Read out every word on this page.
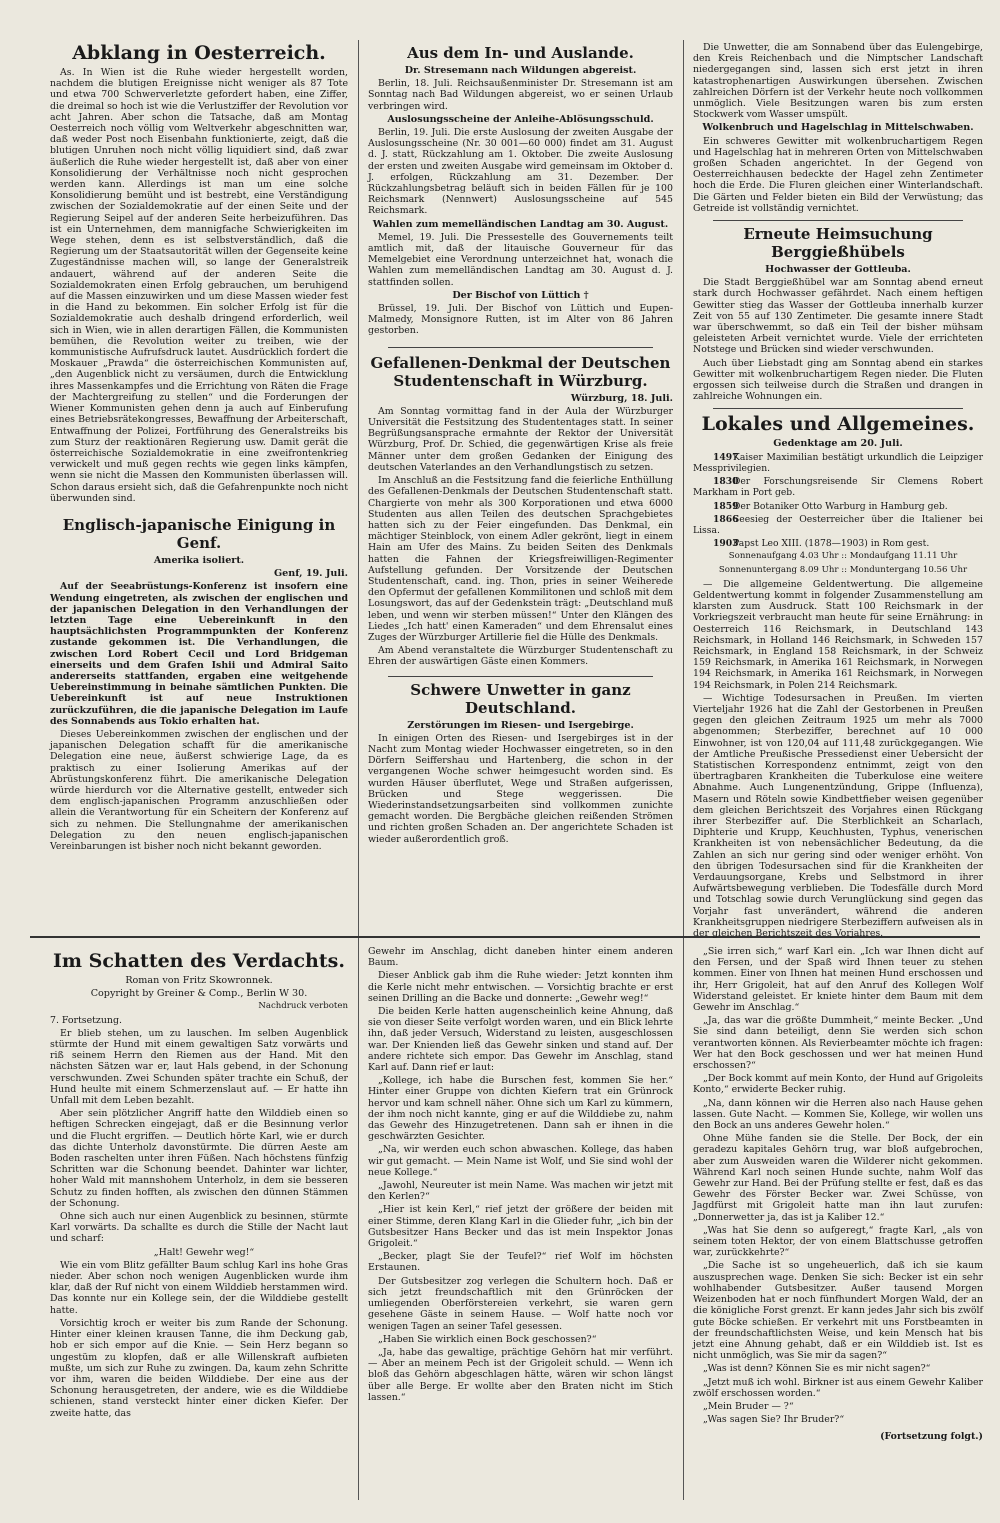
Abklang in Oesterreich.

As. In Wien ist die Ruhe wieder hergestellt worden, nachdem die blutigen Ereignisse nicht weniger als 87 Tote und etwa 700 Schwerverletzte gefordert haben, eine Ziffer, die dreimal so hoch ist wie die Verlustziffer der Revolution vor acht Jahren. Aber schon die Tatsache, daß am Montag Oesterreich noch völlig vom Weltverkehr abgeschnitten war, daß weder Post noch Eisenbahn funktionierte, zeigt, daß die blutigen Unruhen noch nicht völlig liquidiert sind, daß zwar äußerlich die Ruhe wieder hergestellt ist, daß aber von einer Konsolidierung der Verhältnisse noch nicht gesprochen werden kann. Allerdings ist man um eine solche Konsolidierung bemüht und ist bestrebt, eine Verständigung zwischen der Sozialdemokratie auf der einen Seite und der Regierung Seipel auf der anderen Seite herbeizuführen. Das ist ein Unternehmen, dem mannigfache Schwierigkeiten im Wege stehen, denn es ist selbstverständlich, daß die Regierung um der Staatsautorität willen der Gegenseite keine Zugeständnisse machen will, so lange der Generalstreik andauert, während auf der anderen Seite die Sozialdemokraten einen Erfolg gebrauchen, um beruhigend auf die Massen einzuwirken und um diese Massen wieder fest in die Hand zu bekommen. Ein solcher Erfolg ist für die Sozialdemokratie auch deshalb dringend erforderlich, weil sich in Wien, wie in allen derartigen Fällen, die Kommunisten bemühen, die Revolution weiter zu treiben, wie der kommunistische Aufrufsdruck lautet. Ausdrücklich fordert die Moskauer „Prawda“ die österreichischen Kommunisten auf, „den Augenblick nicht zu versäumen, durch die Entwicklung ihres Massenkampfes und die Errichtung von Räten die Frage der Machtergreifung zu stellen“ und die Forderungen der Wiener Kommunisten gehen denn ja auch auf Einberufung eines Betriebsrätekongresses, Bewaffnung der Arbeiterschaft, Entwaffnung der Polizei, Fortführung des Generalstreiks bis zum Sturz der reaktionären Regierung usw. Damit gerät die österreichische Sozialdemokratie in eine zweifrontenkrieg verwickelt und muß gegen rechts wie gegen links kämpfen, wenn sie nicht die Massen den Kommunisten überlassen will. Schon daraus ersieht sich, daß die Gefahrenpunkte noch nicht überwunden sind.

Englisch-japanische Einigung in Genf.
Amerika isoliert.
Genf, 19. Juli.

Auf der Seeabrüstungs-Konferenz ist insofern eine Wendung eingetreten, als zwischen der englischen und der japanischen Delegation in den Verhandlungen der letzten Tage eine Uebereinkunft in den hauptsächlichsten Programmpunkten der Konferenz zustande gekommen ist. Die Verhandlungen, die zwischen Lord Robert Cecil und Lord Bridgeman einerseits und dem Grafen Ishii und Admiral Saito andererseits stattfanden, ergaben eine weitgehende Uebereinstimmung in beinahe sämtlichen Punkten. Die Uebereinkunft ist auf neue Instruktionen zurückzuführen, die die japanische Delegation im Laufe des Sonnabends aus Tokio erhalten hat.

Dieses Uebereinkommen zwischen der englischen und der japanischen Delegation schafft für die amerikanische Delegation eine neue, äußerst schwierige Lage, da es praktisch zu einer Isolierung Amerikas auf der Abrüstungskonferenz führt. Die amerikanische Delegation würde hierdurch vor die Alternative gestellt, entweder sich dem englisch-japanischen Programm anzuschließen oder allein die Verantwortung für ein Scheitern der Konferenz auf sich zu nehmen. Die Stellungnahme der amerikanischen Delegation zu den neuen englisch-japanischen Vereinbarungen ist bisher noch nicht bekannt geworden.

Aus dem In- und Auslande.
Dr. Stresemann nach Wildungen abgereist.

Berlin, 18. Juli. Reichsaußenminister Dr. Stresemann ist am Sonntag nach Bad Wildungen abgereist, wo er seinen Urlaub verbringen wird.

Auslosungsscheine der Anleihe-Ablösungsschuld.

Berlin, 19. Juli. Die erste Auslosung der zweiten Ausgabe der Auslosungsscheine (Nr. 30 001—60 000) findet am 31. August d. J. statt, Rückzahlung am 1. Oktober. Die zweite Auslosung der ersten und zweiten Ausgabe wird gemeinsam im Oktober d. J. erfolgen, Rückzahlung am 31. Dezember. Der Rückzahlungsbetrag beläuft sich in beiden Fällen für je 100 Reichsmark (Nennwert) Auslosungsscheine auf 545 Reichsmark.

Wahlen zum memelländischen Landtag am 30. August.

Memel, 19. Juli. Die Pressestelle des Gouvernements teilt amtlich mit, daß der litauische Gouverneur für das Memelgebiet eine Verordnung unterzeichnet hat, wonach die Wahlen zum memelländischen Landtag am 30. August d. J. stattfinden sollen.

Der Bischof von Lüttich †

Brüssel, 19. Juli. Der Bischof von Lüttich und Eupen-Malmedy, Monsignore Rutten, ist im Alter von 86 Jahren gestorben.

Gefallenen-Denkmal der Deutschen Studentenschaft in Würzburg.
Würzburg, 18. Juli.

Am Sonntag vormittag fand in der Aula der Würzburger Universität die Festsitzung des Studententages statt. In seiner Begrüßungsansprache ermahnte der Rektor der Universität Würzburg, Prof. Dr. Schied, die gegenwärtigen Krise als freie Männer unter dem großen Gedanken der Einigung des deutschen Vaterlandes an den Verhandlungstisch zu setzen.

Im Anschluß an die Festsitzung fand die feierliche Enthüllung des Gefallenen-Denkmals der Deutschen Studentenschaft statt. Chargierte von mehr als 300 Korporationen und etwa 6000 Studenten aus allen Teilen des deutschen Sprachgebietes hatten sich zu der Feier eingefunden. Das Denkmal, ein mächtiger Steinblock, von einem Adler gekrönt, liegt in einem Hain am Ufer des Mains. Zu beiden Seiten des Denkmals hatten die Fahnen der Kriegsfreiwilligen-Regimenter Aufstellung gefunden. Der Vorsitzende der Deutschen Studentenschaft, cand. ing. Thon, pries in seiner Weiherede den Opfermut der gefallenen Kommilitonen und schloß mit dem Losungswort, das auf der Gedenkstein trägt: „Deutschland muß leben, und wenn wir sterben müssen!“ Unter den Klängen des Liedes „Ich hatt' einen Kameraden“ und dem Ehrensalut eines Zuges der Würzburger Artillerie fiel die Hülle des Denkmals.

Am Abend veranstaltete die Würzburger Studentenschaft zu Ehren der auswärtigen Gäste einen Kommers.

Schwere Unwetter in ganz Deutschland.
Zerstörungen im Riesen- und Isergebirge.

In einigen Orten des Riesen- und Isergebirges ist in der Nacht zum Montag wieder Hochwasser eingetreten, so in den Dörfern Seiffershau und Hartenberg, die schon in der vergangenen Woche schwer heimgesucht worden sind. Es wurden Häuser überflutet, Wege und Straßen aufgerissen, Brücken und Stege weggerissen. Die Wiederinstandsetzungsarbeiten sind vollkommen zunichte gemacht worden. Die Bergbäche gleichen reißenden Strömen und richten großen Schaden an. Der angerichtete Schaden ist wieder außerordentlich groß.

Die Unwetter, die am Sonnabend über das Eulengebirge, den Kreis Reichenbach und die Nimptscher Landschaft niedergegangen sind, lassen sich erst jetzt in ihren katastrophenartigen Auswirkungen übersehen. Zwischen zahlreichen Dörfern ist der Verkehr heute noch vollkommen unmöglich. Viele Besitzungen waren bis zum ersten Stockwerk vom Wasser umspült.

Wolkenbruch und Hagelschlag in Mittelschwaben.

Ein schweres Gewitter mit wolkenbruchartigem Regen und Hagelschlag hat in mehreren Orten von Mittelschwaben großen Schaden angerichtet. In der Gegend von Oesterreichhausen bedeckte der Hagel zehn Zentimeter hoch die Erde. Die Fluren gleichen einer Winterlandschaft. Die Gärten und Felder bieten ein Bild der Verwüstung; das Getreide ist vollständig vernichtet.

Erneute Heimsuchung Berggießhübels
Hochwasser der Gottleuba.

Die Stadt Berggießhübel war am Sonntag abend erneut stark durch Hochwasser gefährdet. Nach einem heftigen Gewitter stieg das Wasser der Gottleuba innerhalb kurzer Zeit von 55 auf 130 Zentimeter. Die gesamte innere Stadt war überschwemmt, so daß ein Teil der bisher mühsam geleisteten Arbeit vernichtet wurde. Viele der errichteten Notstege und Brücken sind wieder verschwunden.

Auch über Liebstadt ging am Sonntag abend ein starkes Gewitter mit wolkenbruchartigem Regen nieder. Die Fluten ergossen sich teilweise durch die Straßen und drangen in zahlreiche Wohnungen ein.

Lokales und Allgemeines.
Gedenktage am 20. Juli.

1497Kaiser Maximilian bestätigt urkundlich die Leipziger Messprivilegien.

1830Der Forschungsreisende Sir Clemens Robert Markham in Port geb.

1859Der Botaniker Otto Warburg in Hamburg geb.

1866Seesieg der Oesterreicher über die Italiener bei Lissa.

1903Papst Leo XIII. (1878—1903) in Rom gest.

Sonnenaufgang 4.03 Uhr :: Mondaufgang 11.11 Uhr

Sonnenuntergang 8.09 Uhr :: Monduntergang 10.56 Uhr

— Die allgemeine Geldentwertung. Die allgemeine Geldentwertung kommt in folgender Zusammenstellung am klarsten zum Ausdruck. Statt 100 Reichsmark in der Vorkriegszeit verbraucht man heute für seine Ernährung: in Oesterreich 116 Reichsmark, in Deutschland 143 Reichsmark, in Holland 146 Reichsmark, in Schweden 157 Reichsmark, in England 158 Reichsmark, in der Schweiz 159 Reichsmark, in Amerika 161 Reichsmark, in Norwegen 194 Reichsmark, in Amerika 161 Reichsmark, in Norwegen 194 Reichsmark, in Polen 214 Reichsmark.

— Wichtige Todesursachen in Preußen. Im vierten Vierteljahr 1926 hat die Zahl der Gestorbenen in Preußen gegen den gleichen Zeitraum 1925 um mehr als 7000 abgenommen; Sterbeziffer, berechnet auf 10 000 Einwohner, ist von 120,04 auf 111,48 zurückgegangen. Wie der Amtliche Preußische Pressedienst einer Uebersicht der Statistischen Korrespondenz entnimmt, zeigt von den übertragbaren Krankheiten die Tuberkulose eine weitere Abnahme. Auch Lungenentzündung, Grippe (Influenza), Masern und Röteln sowie Kindbettfieber weisen gegenüber dem gleichen Berichtszeit des Vorjahres einen Rückgang ihrer Sterbeziffer auf. Die Sterblichkeit an Scharlach, Diphterie und Krupp, Keuchhusten, Typhus, venerischen Krankheiten ist von nebensächlicher Bedeutung, da die Zahlen an sich nur gering sind oder weniger erhöht. Von den übrigen Todesursachen sind für die Krankheiten der Verdauungsorgane, Krebs und Selbstmord in ihrer Aufwärtsbewegung verblieben. Die Todesfälle durch Mord und Totschlag sowie durch Verunglückung sind gegen das Vorjahr fast unverändert, während die anderen Krankheitsgruppen niedrigere Sterbeziffern aufweisen als in der gleichen Berichtszeit des Vorjahres.

Im Schatten des Verdachts.
Roman von Fritz Skowronnek.
Copyright by Greiner & Comp., Berlin W 30.
Nachdruck verboten

7. Fortsetzung.

Er blieb stehen, um zu lauschen. Im selben Augenblick stürmte der Hund mit einem gewaltigen Satz vorwärts und riß seinem Herrn den Riemen aus der Hand. Mit den nächsten Sätzen war er, laut Hals gebend, in der Schonung verschwunden. Zwei Schunden später trachte ein Schuß, der Hund heulte mit einem Schmerzenslaut auf. — Er hatte ihn Unfall mit dem Leben bezahlt.

Aber sein plötzlicher Angriff hatte den Wilddieb einen so heftigen Schrecken eingejagt, daß er die Besinnung verlor und die Flucht ergriffen. — Deutlich hörte Karl, wie er durch das dichte Unterholz davonstürmte. Die dürren Aeste am Boden raschelten unter ihren Füßen. Nach höchstens fünfzig Schritten war die Schonung beendet. Dahinter war lichter, hoher Wald mit mannshohem Unterholz, in dem sie besseren Schutz zu finden hofften, als zwischen den dünnen Stämmen der Schonung.

Ohne sich auch nur einen Augenblick zu besinnen, stürmte Karl vorwärts. Da schallte es durch die Stille der Nacht laut und scharf:

„Halt! Gewehr weg!“

Wie ein vom Blitz gefällter Baum schlug Karl ins hohe Gras nieder. Aber schon noch wenigen Augenblicken wurde ihm klar, daß der Ruf nicht von einem Wilddieb herstammen wird. Das konnte nur ein Kollege sein, der die Wilddiebe gestellt hatte.

Vorsichtig kroch er weiter bis zum Rande der Schonung. Hinter einer kleinen krausen Tanne, die ihm Deckung gab, hob er sich empor auf die Knie. — Sein Herz begann so ungestüm zu klopfen, daß er alle Willenskraft aufbieten mußte, um sich zur Ruhe zu zwingen. Da, kaum zehn Schritte vor ihm, waren die beiden Wilddiebe. Der eine aus der Schonung herausgetreten, der andere, wie es die Wilddiebe schienen, stand versteckt hinter einer dicken Kiefer. Der zweite hatte, das

Gewehr im Anschlag, dicht daneben hinter einem anderen Baum.

Dieser Anblick gab ihm die Ruhe wieder: Jetzt konnten ihm die Kerle nicht mehr entwischen. — Vorsichtig brachte er erst seinen Drilling an die Backe und donnerte: „Gewehr weg!“

Die beiden Kerle hatten augenscheinlich keine Ahnung, daß sie von dieser Seite verfolgt worden waren, und ein Blick lehrte ihn, daß jeder Versuch, Widerstand zu leisten, ausgeschlossen war. Der Knienden ließ das Gewehr sinken und stand auf. Der andere richtete sich empor. Das Gewehr im Anschlag, stand Karl auf. Dann rief er laut:

„Kollege, ich habe die Burschen fest, kommen Sie her.“ Hinter einer Gruppe von dichten Kiefern trat ein Grünrock hervor und kam schnell näher. Ohne sich um Karl zu kümmern, der ihm noch nicht kannte, ging er auf die Wilddiebe zu, nahm das Gewehr des Hinzugetretenen. Dann sah er ihnen in die geschwärzten Gesichter.

„Na, wir werden euch schon abwaschen. Kollege, das haben wir gut gemacht. — Mein Name ist Wolf, und Sie sind wohl der neue Kollege.“

„Jawohl, Neureuter ist mein Name. Was machen wir jetzt mit den Kerlen?“

„Hier ist kein Kerl,“ rief jetzt der größere der beiden mit einer Stimme, deren Klang Karl in die Glieder fuhr, „ich bin der Gutsbesitzer Hans Becker und das ist mein Inspektor Jonas Grigoleit.“

„Becker, plagt Sie der Teufel?“ rief Wolf im höchsten Erstaunen.

Der Gutsbesitzer zog verlegen die Schultern hoch. Daß er sich jetzt freundschaftlich mit den Grünröcken der umliegenden Oberförstereien verkehrt, sie waren gern gesehene Gäste in seinem Hause. — Wolf hatte noch vor wenigen Tagen an seiner Tafel gesessen.

„Haben Sie wirklich einen Bock geschossen?“

„Ja, habe das gewaltige, prächtige Gehörn hat mir verführt. — Aber an meinem Pech ist der Grigoleit schuld. — Wenn ich bloß das Gehörn abgeschlagen hätte, wären wir schon längst über alle Berge. Er wollte aber den Braten nicht im Stich lassen.“

„Sie irren sich,“ warf Karl ein. „Ich war Ihnen dicht auf den Fersen, und der Spaß wird Ihnen teuer zu stehen kommen. Einer von Ihnen hat meinen Hund erschossen und ihr, Herr Grigoleit, hat auf den Anruf des Kollegen Wolf Widerstand geleistet. Er kniete hinter dem Baum mit dem Gewehr im Anschlag.“

„Ja, das war die größte Dummheit,“ meinte Becker. „Und Sie sind dann beteiligt, denn Sie werden sich schon verantworten können. Als Revierbeamter möchte ich fragen: Wer hat den Bock geschossen und wer hat meinen Hund erschossen?“

„Der Bock kommt auf mein Konto, der Hund auf Grigoleits Konto,“ erwiderte Becker ruhig.

„Na, dann können wir die Herren also nach Hause gehen lassen. Gute Nacht. — Kommen Sie, Kollege, wir wollen uns den Bock an uns anderes Gewehr holen.“

Ohne Mühe fanden sie die Stelle. Der Bock, der ein geradezu kapitales Gehörn trug, war bloß aufgebrochen, aber zum Ausweiden waren die Wilderer nicht gekommen. Während Karl noch seinen Hunde suchte, nahm Wolf das Gewehr zur Hand. Bei der Prüfung stellte er fest, daß es das Gewehr des Förster Becker war. Zwei Schüsse, von Jagdfürst mit Grigoleit hatte man ihn laut zurufen: „Donnerwetter ja, das ist ja Kaliber 12.“

„Was hat Sie denn so aufgeregt,“ fragte Karl, „als von seinem toten Hektor, der von einem Blattschusse getroffen war, zurückkehrte?“

„Die Sache ist so ungeheuerlich, daß ich sie kaum auszusprechen wage. Denken Sie sich: Becker ist ein sehr wohlhabender Gutsbesitzer. Außer tausend Morgen Weizenboden hat er noch fünfhundert Morgen Wald, der an die königliche Forst grenzt. Er kann jedes Jahr sich bis zwölf gute Böcke schießen. Er verkehrt mit uns Forstbeamten in der freundschaftlichsten Weise, und kein Mensch hat bis jetzt eine Ahnung gehabt, daß er ein Wilddieb ist. Ist es nicht unmöglich, was Sie mir da sagen?“

„Was ist denn? Können Sie es mir nicht sagen?“

„Jetzt muß ich wohl. Birkner ist aus einem Gewehr Kaliber zwölf erschossen worden.“

„Mein Bruder — ?“

„Was sagen Sie? Ihr Bruder?“

(Fortsetzung folgt.)
